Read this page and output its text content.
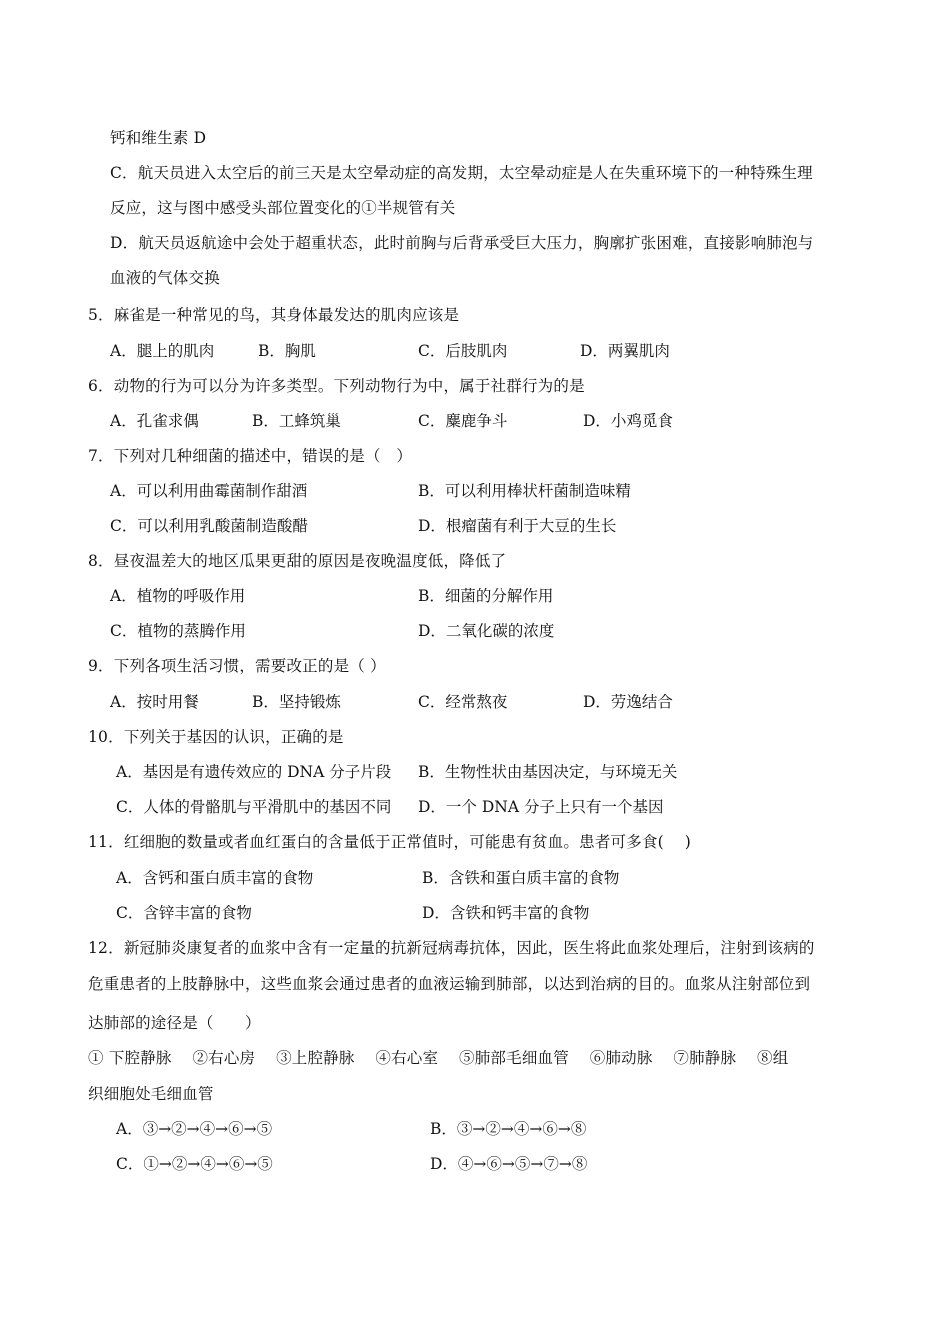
钙和维生素 D
C．航天员进入太空后的前三天是太空晕动症的高发期，太空晕动症是人在失重环境下的一种特殊生理
反应，这与图中感受头部位置变化的①半规管有关
D．航天员返航途中会处于超重状态，此时前胸与后背承受巨大压力，胸廓扩张困难，直接影响肺泡与
血液的气体交换
5．麻雀是一种常见的鸟，其身体最发达的肌肉应该是
A．腿上的肌肉	B．胸肌	C．后肢肌肉	D．两翼肌肉
6．动物的行为可以分为许多类型。下列动物行为中，属于社群行为的是
A．孔雀求偶	B．工蜂筑巢	C．麋鹿争斗	D．小鸡觅食
7．下列对几种细菌的描述中，错误的是（　）
A．可以利用曲霉菌制作甜酒	B．可以利用棒状杆菌制造味精
C．可以利用乳酸菌制造酸醋	D．根瘤菌有利于大豆的生长
8．昼夜温差大的地区瓜果更甜的原因是夜晚温度低，降低了
A．植物的呼吸作用	B．细菌的分解作用
C．植物的蒸腾作用	D．二氧化碳的浓度
9．下列各项生活习惯，需要改正的是（ ）
A．按时用餐	B．坚持锻炼	C．经常熬夜	D．劳逸结合
10．下列关于基因的认识，正确的是
A．基因是有遗传效应的 DNA 分子片段 B．生物性状由基因决定，与环境无关
C．人体的骨骼肌与平滑肌中的基因不同 D．一个 DNA 分子上只有一个基因
11．红细胞的数量或者血红蛋白的含量低于正常值时，可能患有贫血。患者可多食(　 )
A．含钙和蛋白质丰富的食物	B．含铁和蛋白质丰富的食物
C．含锌丰富的食物	D．含铁和钙丰富的食物
12．新冠肺炎康复者的血浆中含有一定量的抗新冠病毒抗体，因此，医生将此血浆处理后，注射到该病的
危重患者的上肢静脉中，这些血浆会通过患者的血液运输到肺部，以达到治病的目的。血浆从注射部位到
达肺部的途径是（　　）
① 下腔静脉　 ②右心房　 ③上腔静脉　 ④右心室　 ⑤肺部毛细血管　 ⑥肺动脉　 ⑦肺静脉　 ⑧组
织细胞处毛细血管
A．③→②→④→⑥→⑤	B．③→②→④→⑥→⑧
C．①→②→④→⑥→⑤	D．④→⑥→⑤→⑦→⑧
